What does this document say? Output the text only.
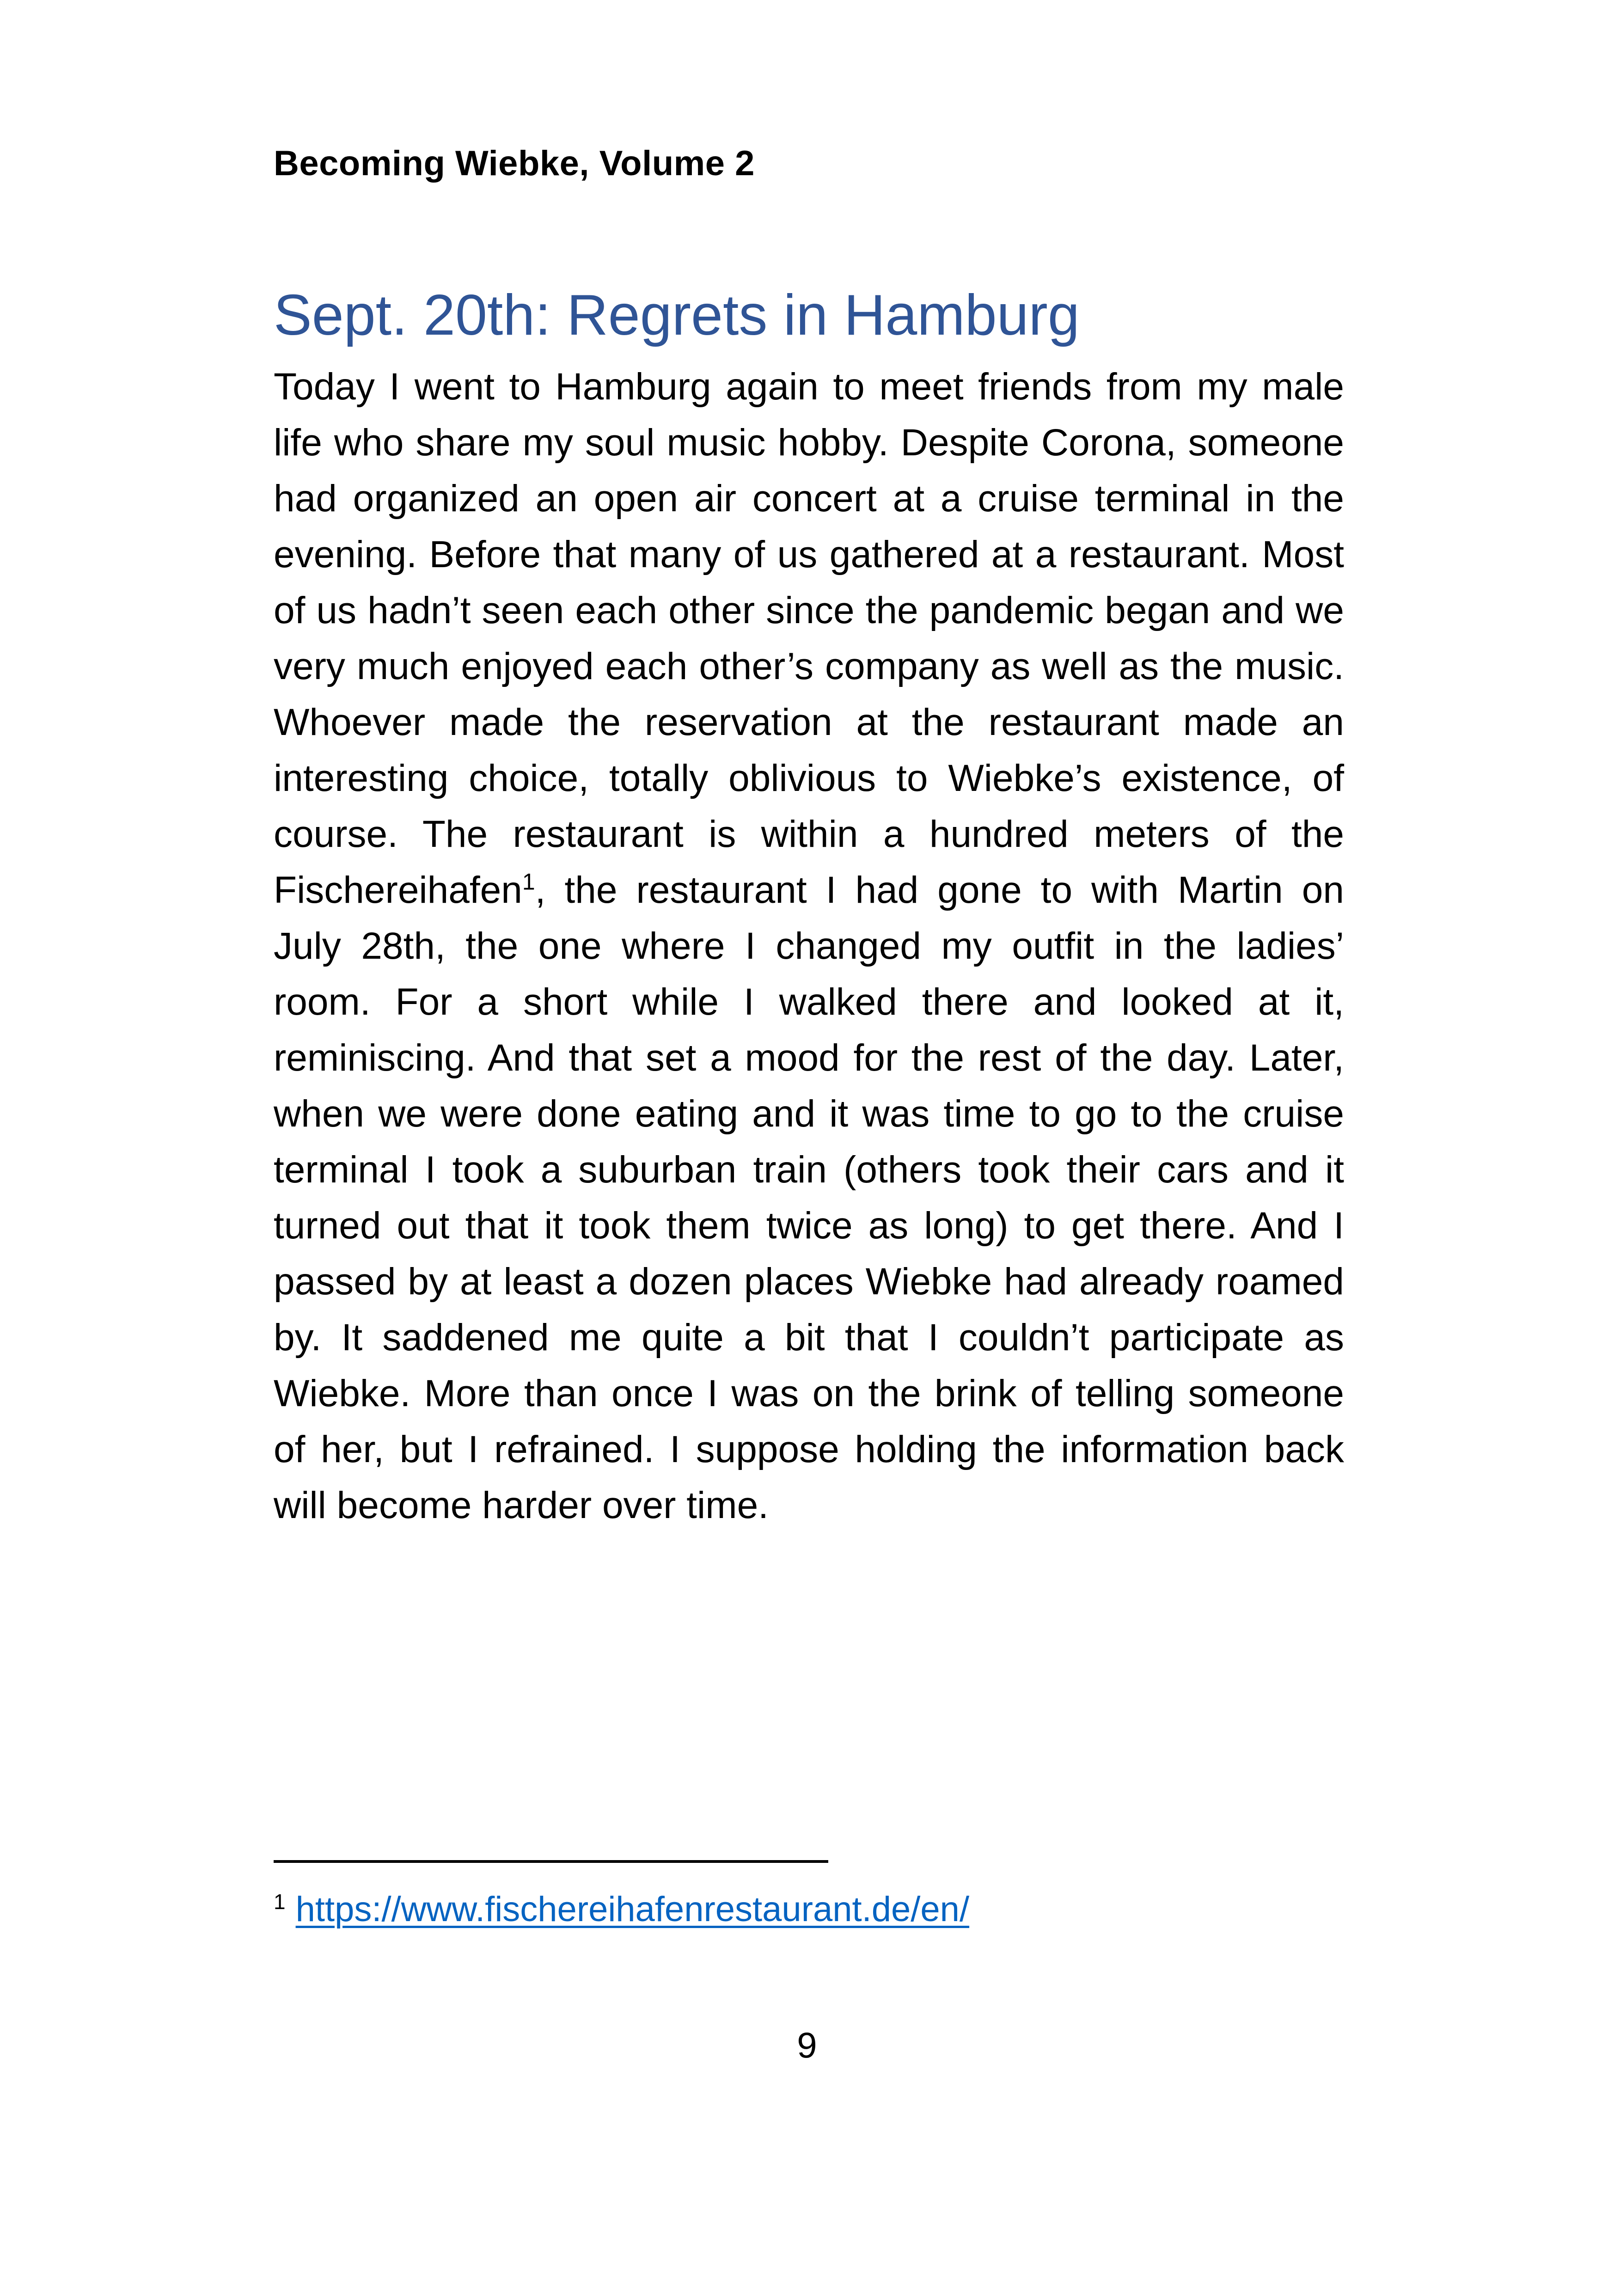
Becoming Wiebke, Volume 2
Sept. 20th: Regrets in Hamburg

Today I went to Hamburg again to meet friends from my male life who share my soul music hobby. Despite Corona, someone had organized an open air concert at a cruise terminal in the evening. Before that many of us gathered at a restaurant. Most of us hadn’t seen each other since the pandemic began and we very much enjoyed each other’s company as well as the music. Whoever made the reservation at the restaurant made an interesting choice, totally oblivious to Wiebke’s existence, of course. The restaurant is within a hundred meters of the Fischereihafen$^1$, the restaurant I had gone to with Martin on July 28th, the one where I changed my outfit in the ladies’ room. For a short while I walked there and looked at it, reminiscing. And that set a mood for the rest of the day. Later, when we were done eating and it was time to go to the cruise terminal I took a suburban train (others took their cars and it turned out that it took them twice as long) to get there. And I passed by at least a dozen places Wiebke had already roamed by. It saddened me quite a bit that I couldn’t participate as Wiebke. More than once I was on the brink of telling someone of her, but I refrained. I suppose holding the information back will become harder over time.

$^1$ https://www.fischereihafenrestaurant.de/en/
9
